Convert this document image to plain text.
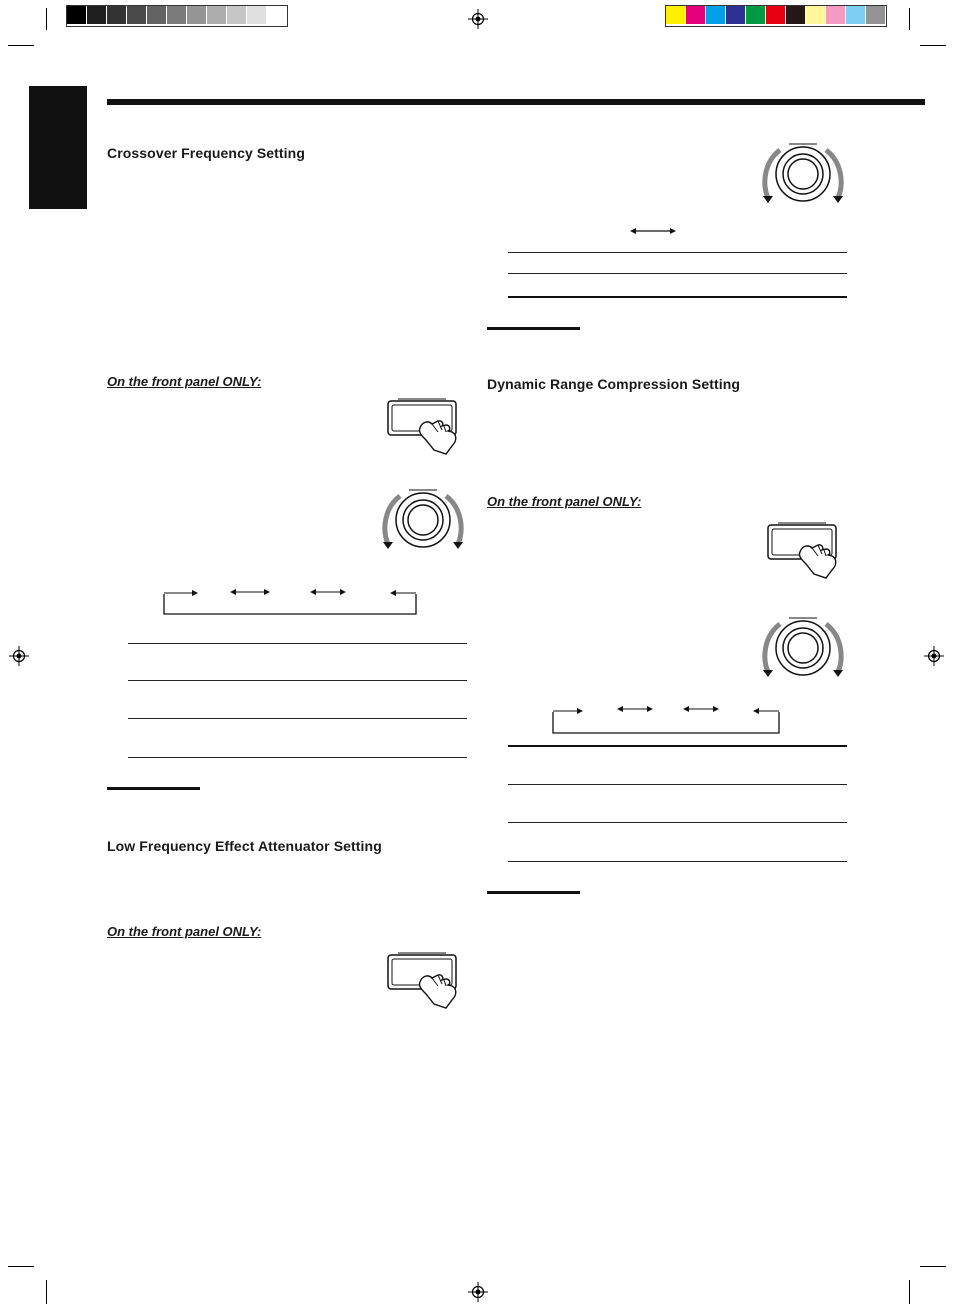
Crossover Frequency Setting
On the front panel ONLY:
Low Frequency Effect Attenuator Setting
On the front panel ONLY:
Dynamic Range Compression Setting
On the front panel ONLY:
